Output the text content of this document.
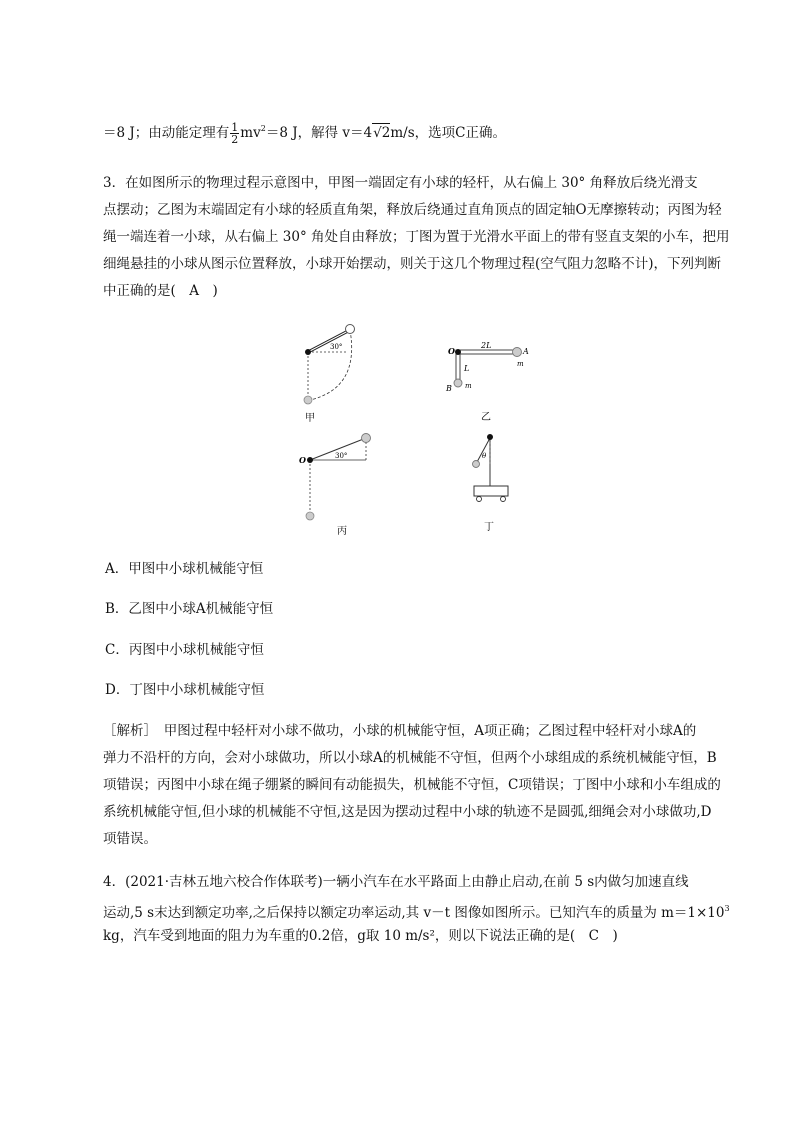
＝8 J；由动能定理有 $\frac{1}{2} mv^2=8$ J，解得 v＝4√2m/s，选项C正确。
3．在如图所示的物理过程示意图中，甲图一端固定有小球的轻杆，从右偏上 30° 角释放后绕光滑支
点摆动；乙图为末端固定有小球的轻质直角架，释放后绕通过直角顶点的固定轴O无摩擦转动；丙图为轻
绳一端连着一小球，从右偏上 30° 角处自由释放；丁图为置于光滑水平面上的带有竖直支架的小车，把用
细绳悬挂的小球从图示位置释放，小球开始摆动，则关于这几个物理过程(空气阻力忽略不计)，下列判断
中正确的是(　A　)
30°
甲
O
2L
A
m
L
B m
乙
O	30°
丙
θ
丁
A．甲图中小球机械能守恒
B．乙图中小球A机械能守恒
C．丙图中小球机械能守恒
D．丁图中小球机械能守恒
［解析］　甲图过程中轻杆对小球不做功，小球的机械能守恒，A项正确；乙图过程中轻杆对小球A的
弹力不沿杆的方向，会对小球做功，所以小球A的机械能不守恒，但两个小球组成的系统机械能守恒，B
项错误；丙图中小球在绳子绷紧的瞬间有动能损失，机械能不守恒，C项错误；丁图中小球和小车组成的
系统机械能守恒,但小球的机械能不守恒,这是因为摆动过程中小球的轨迹不是圆弧,细绳会对小球做功,D
项错误。
4．(2021·吉林五地六校合作体联考)一辆小汽车在水平路面上由静止启动,在前 5 s内做匀加速直线
运动,5 s末达到额定功率,之后保持以额定功率运动,其 v－t 图像如图所示。已知汽车的质量为 $m=1\times 10^3$
kg，汽车受到地面的阻力为车重的0.2倍，g取 10 m/s²，则以下说法正确的是(　C　)
